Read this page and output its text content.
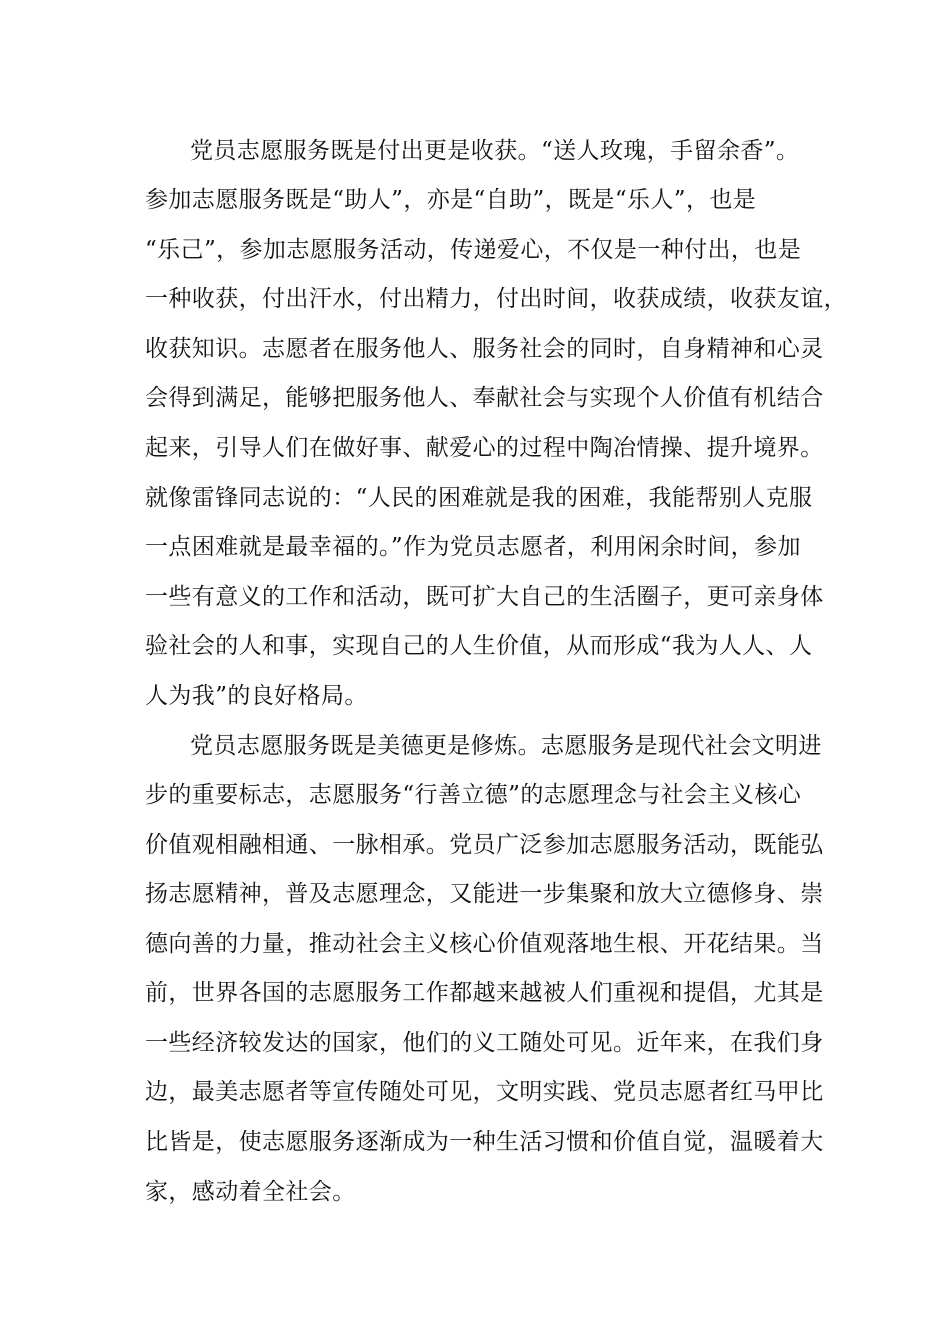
党员志愿服务既是付出更是收获。“送人玫瑰，手留余香”。
参加志愿服务既是“助人”，亦是“自助”，既是“乐人”，也是
“乐己”，参加志愿服务活动，传递爱心，不仅是一种付出，也是
一种收获，付出汗水，付出精力，付出时间，收获成绩，收获友谊，
收获知识。志愿者在服务他人、服务社会的同时，自身精神和心灵
会得到满足，能够把服务他人、奉献社会与实现个人价值有机结合
起来，引导人们在做好事、献爱心的过程中陶冶情操、提升境界。
就像雷锋同志说的：“人民的困难就是我的困难，我能帮别人克服
一点困难就是最幸福的。”作为党员志愿者，利用闲余时间，参加
一些有意义的工作和活动，既可扩大自己的生活圈子，更可亲身体
验社会的人和事，实现自己的人生价值，从而形成“我为人人、人
人为我”的良好格局。
党员志愿服务既是美德更是修炼。志愿服务是现代社会文明进
步的重要标志，志愿服务“行善立德”的志愿理念与社会主义核心
价值观相融相通、一脉相承。党员广泛参加志愿服务活动，既能弘
扬志愿精神，普及志愿理念，又能进一步集聚和放大立德修身、崇
德向善的力量，推动社会主义核心价值观落地生根、开花结果。当
前，世界各国的志愿服务工作都越来越被人们重视和提倡，尤其是
一些经济较发达的国家，他们的义工随处可见。近年来，在我们身
边，最美志愿者等宣传随处可见，文明实践、党员志愿者红马甲比
比皆是，使志愿服务逐渐成为一种生活习惯和价值自觉，温暖着大
家，感动着全社会。
